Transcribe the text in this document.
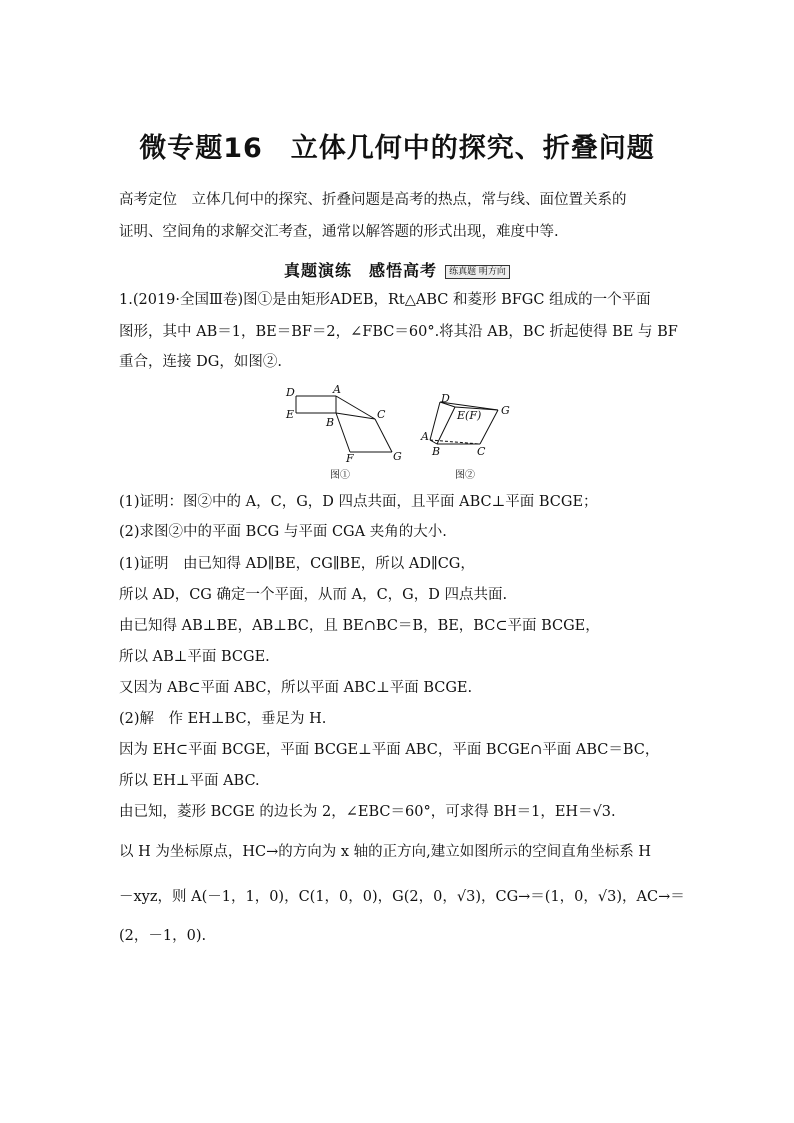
微专题16　立体几何中的探究、折叠问题
高考定位　立体几何中的探究、折叠问题是高考的热点，常与线、面位置关系的
证明、空间角的求解交汇考查，通常以解答题的形式出现，难度中等.
真题演练　感悟高考 练真题 明方向
1.(2019·全国Ⅲ卷)图①是由矩形ADEB，Rt△ABC 和菱形 BFGC 组成的一个平面
图形，其中 AB＝1，BE＝BF＝2，∠FBC＝60°.将其沿 AB，BC 折起使得 BE 与 BF
重合，连接 DG，如图②.
D	A
E
B
C
F	G
图①
D
E(F) G
A
B	C
图②
(1)证明：图②中的 A，C，G，D 四点共面，且平面 ABC⊥平面 BCGE；
(2)求图②中的平面 BCG 与平面 CGA 夹角的大小.
(1)证明　由已知得 AD∥BE，CG∥BE，所以 AD∥CG，
所以 AD，CG 确定一个平面，从而 A，C，G，D 四点共面.
由已知得 AB⊥BE，AB⊥BC，且 BE∩BC＝B，BE，BC⊂平面 BCGE，
所以 AB⊥平面 BCGE.
又因为 AB⊂平面 ABC，所以平面 ABC⊥平面 BCGE.
(2)解　作 EH⊥BC，垂足为 H.
因为 EH⊂平面 BCGE，平面 BCGE⊥平面 ABC，平面 BCGE∩平面 ABC＝BC，
所以 EH⊥平面 ABC.
由已知，菱形 BCGE 的边长为 2，∠EBC＝60°，可求得 BH＝1，EH＝√3.
以 H 为坐标原点，HC→的方向为 x 轴的正方向,建立如图所示的空间直角坐标系 H
－xyz，则 A(－1，1，0)，C(1，0，0)，G(2，0，√3)，CG→＝(1，0，√3)，AC→＝
(2，－1，0).
